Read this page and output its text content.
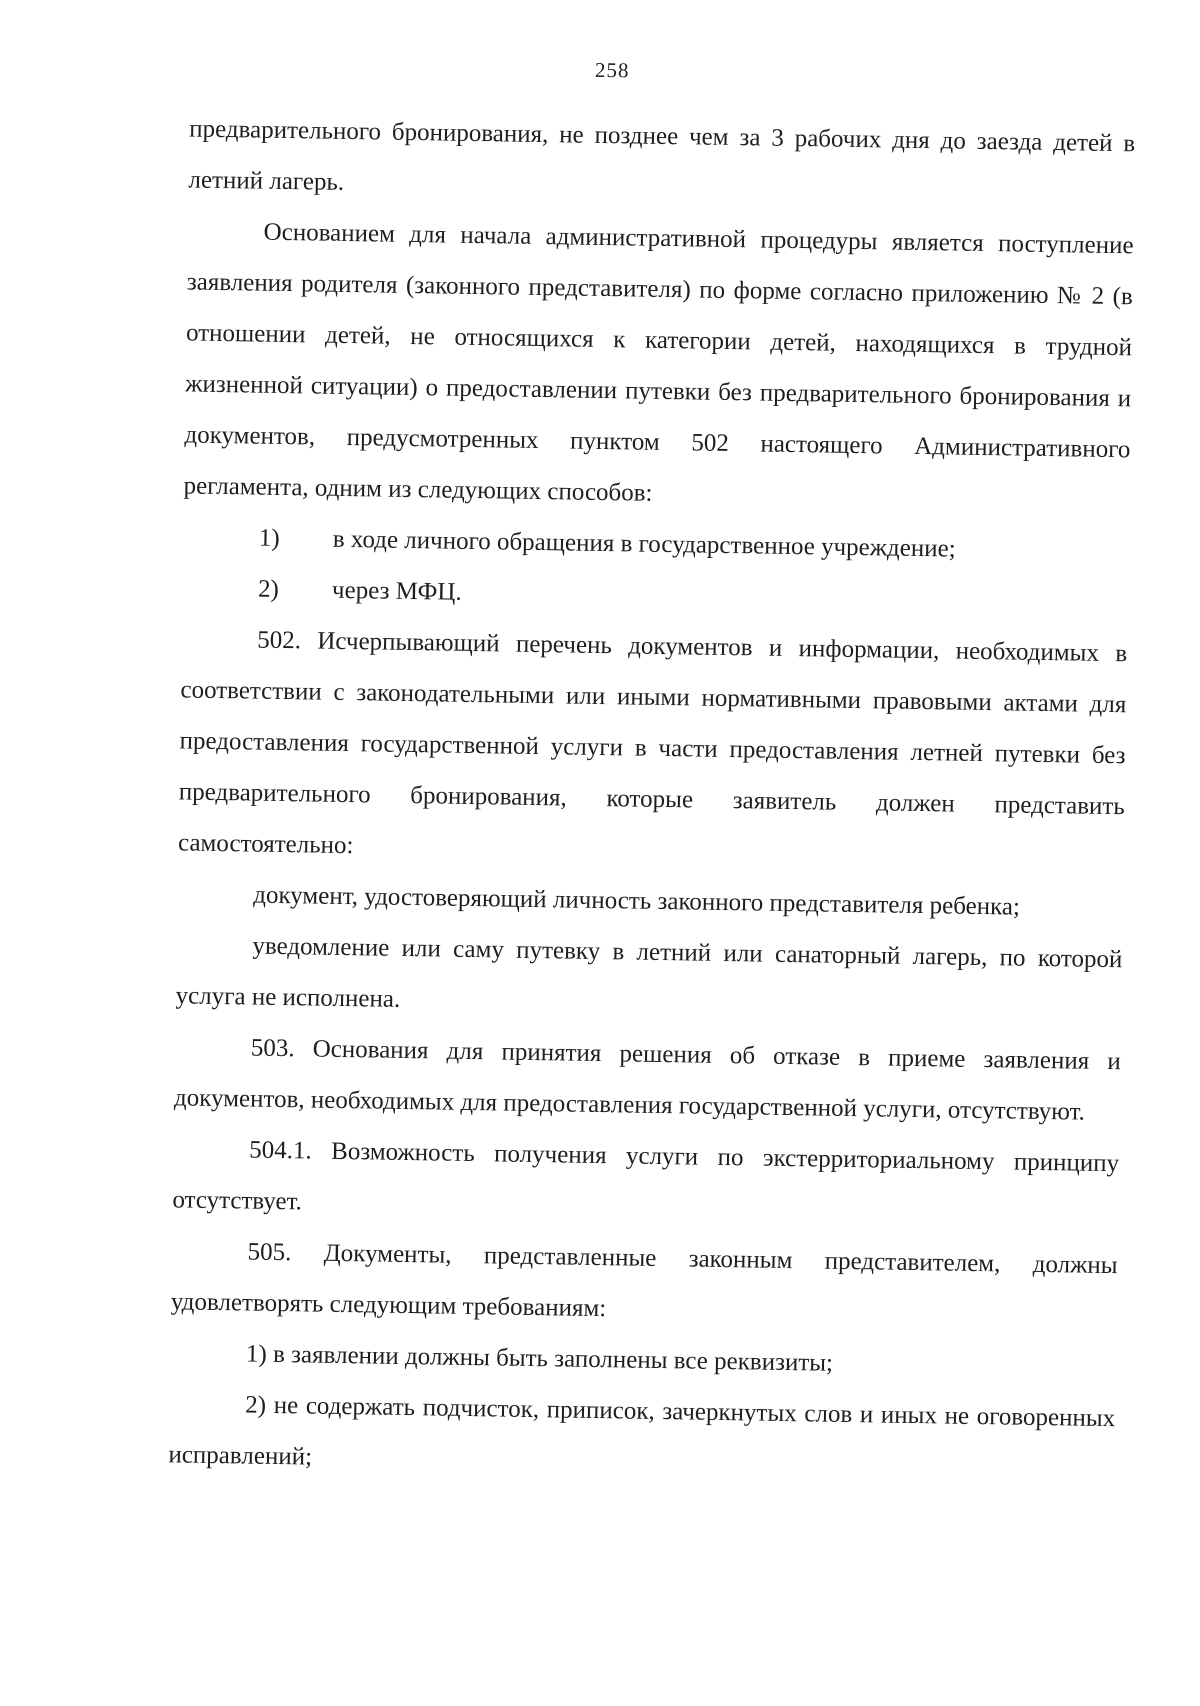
258

предварительного бронирования, не позднее чем за 3 рабочих дня до заезда детей в летний лагерь.

Основанием для начала административной процедуры является поступление заявления родителя (законного представителя) по форме согласно приложению № 2 (в отношении детей, не относящихся к категории детей, находящихся в трудной жизненной ситуации) о предоставлении путевки без предварительного бронирования и документов, предусмотренных пунктом 502 настоящего Административного регламента, одним из следующих способов:

1) в ходе личного обращения в государственное учреждение;

2) через МФЦ.

502. Исчерпывающий перечень документов и информации, необходимых в соответствии с законодательными или иными нормативными правовыми актами для предоставления государственной услуги в части предоставления летней путевки без предварительного бронирования, которые заявитель должен представить самостоятельно:

документ, удостоверяющий личность законного представителя ребенка;

уведомление или саму путевку в летний или санаторный лагерь, по которой услуга не исполнена.

503. Основания для принятия решения об отказе в приеме заявления и документов, необходимых для предоставления государственной услуги, отсутствуют.

504.1. Возможность получения услуги по экстерриториальному принципу отсутствует.

505. Документы, представленные законным представителем, должны удовлетворять следующим требованиям:

1) в заявлении должны быть заполнены все реквизиты;

2) не содержать подчисток, приписок, зачеркнутых слов и иных не оговоренных исправлений;
